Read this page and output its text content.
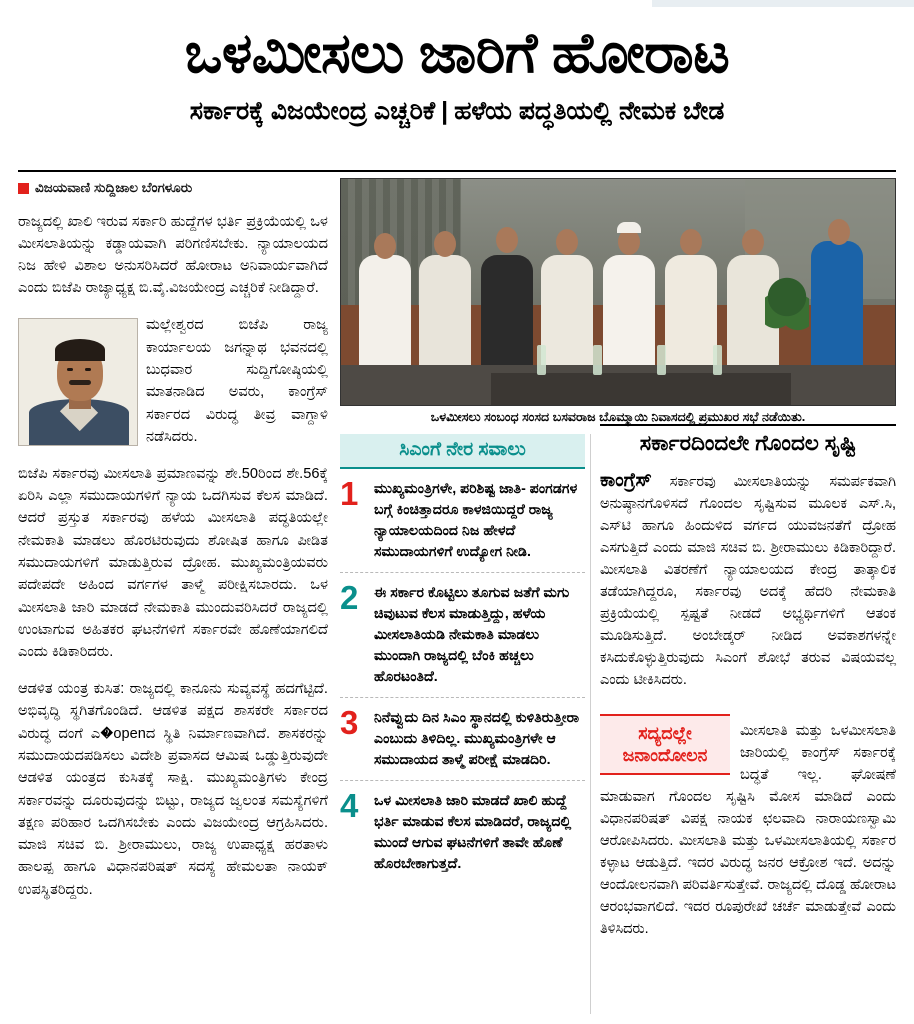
ಒಳಮೀಸಲು ಜಾರಿಗೆ ಹೋರಾಟ
ಸರ್ಕಾರಕ್ಕೆ ವಿಜಯೇಂದ್ರ ಎಚ್ಚರಿಕೆ | ಹಳೆಯ ಪದ್ಧತಿಯಲ್ಲಿ ನೇಮಕ ಬೇಡ
ವಿಜಯವಾಣಿ ಸುದ್ದಿಜಾಲ ಬೆಂಗಳೂರು

ರಾಜ್ಯದಲ್ಲಿ ಖಾಲಿ ಇರುವ ಸರ್ಕಾರಿ ಹುದ್ದೆಗಳ ಭರ್ತಿ ಪ್ರಕ್ರಿಯೆಯಲ್ಲಿ ಒಳ ಮೀಸಲಾತಿಯನ್ನು ಕಡ್ಡಾಯವಾಗಿ ಪರಿಗಣಿಸಬೇಕು. ನ್ಯಾಯಾಲಯದ ನಿಜ ಹೇಳಿ ವಿಶಾಲ ಅನುಸರಿಸಿದರೆ ಹೋರಾಟ ಅನಿವಾರ್ಯವಾಗಿದೆ ಎಂದು ಬಿಜೆಪಿ ರಾಜ್ಯಾಧ್ಯಕ್ಷ ಬಿ.ವೈ.ವಿಜಯೇಂದ್ರ ಎಚ್ಚರಿಕೆ ನೀಡಿದ್ದಾರೆ.

ಮಲ್ಲೇಶ್ವರದ ಬಿಜೆಪಿ ರಾಜ್ಯ ಕಾರ್ಯಾಲಯ ಜಗನ್ನಾಥ ಭವನದಲ್ಲಿ ಬುಧವಾರ ಸುದ್ದಿಗೋಷ್ಠಿಯಲ್ಲಿ ಮಾತನಾಡಿದ ಅವರು, ಕಾಂಗ್ರೆಸ್ ಸರ್ಕಾರದ ವಿರುದ್ಧ ತೀವ್ರ ವಾಗ್ದಾಳಿ ನಡೆಸಿದರು.

ಬಿಜೆಪಿ ಸರ್ಕಾರವು ಮೀಸಲಾತಿ ಪ್ರಮಾಣವನ್ನು ಶೇ.50ರಿಂದ ಶೇ.56ಕ್ಕೆ ಏರಿಸಿ ಎಲ್ಲಾ ಸಮುದಾಯಗಳಿಗೆ ನ್ಯಾಯ ಒದಗಿಸುವ ಕೆಲಸ ಮಾಡಿದೆ. ಆದರೆ ಪ್ರಸ್ತುತ ಸರ್ಕಾರವು ಹಳೆಯ ಮೀಸಲಾತಿ ಪದ್ಧತಿಯಲ್ಲೇ ನೇಮಕಾತಿ ಮಾಡಲು ಹೊರಟಿರುವುದು ಶೋಷಿತ ಹಾಗೂ ಪೀಡಿತ ಸಮುದಾಯಗಳಿಗೆ ಮಾಡುತ್ತಿರುವ ದ್ರೋಹ. ಮುಖ್ಯಮಂತ್ರಿಯವರು ಪದೇಪದೇ ಅಹಿಂದ ವರ್ಗಗಳ ತಾಳ್ಮೆ ಪರೀಕ್ಷಿಸಬಾರದು. ಒಳ ಮೀಸಲಾತಿ ಜಾರಿ ಮಾಡದೆ ನೇಮಕಾತಿ ಮುಂದುವರಿಸಿದರೆ ರಾಜ್ಯದಲ್ಲಿ ಉಂಟಾಗುವ ಅಹಿತಕರ ಘಟನೆಗಳಿಗೆ ಸರ್ಕಾರವೇ ಹೊಣೆಯಾಗಲಿದೆ ಎಂದು ಕಿಡಿಕಾರಿದರು.

ಆಡಳಿತ ಯಂತ್ರ ಕುಸಿತ: ರಾಜ್ಯದಲ್ಲಿ ಕಾನೂನು ಸುವ್ಯವಸ್ಥೆ ಹದಗೆಟ್ಟಿದೆ. ಅಭಿವೃದ್ಧಿ ಸ್ಥಗಿತಗೊಂಡಿದೆ. ಆಡಳಿತ ಪಕ್ಷದ ಶಾಸಕರೇ ಸರ್ಕಾರದ ವಿರುದ್ಧ ದಂಗೆ ಎ�openದ ಸ್ಥಿತಿ ನಿರ್ಮಾಣವಾಗಿದೆ. ಶಾಸಕರನ್ನು ಸಮುದಾಯದಪಡಿಸಲು ವಿದೇಶಿ ಪ್ರವಾಸದ ಆಮಿಷ ಒಡ್ಡುತ್ತಿರುವುದೇ ಆಡಳಿತ ಯಂತ್ರದ ಕುಸಿತಕ್ಕೆ ಸಾಕ್ಷಿ. ಮುಖ್ಯಮಂತ್ರಿಗಳು ಕೇಂದ್ರ ಸರ್ಕಾರವನ್ನು ದೂರುವುದನ್ನು ಬಿಟ್ಟು, ರಾಜ್ಯದ ಜ್ವಲಂತ ಸಮಸ್ಯೆಗಳಿಗೆ ತಕ್ಷಣ ಪರಿಹಾರ ಒದಗಿಸಬೇಕು ಎಂದು ವಿಜಯೇಂದ್ರ ಆಗ್ರಹಿಸಿದರು. ಮಾಜಿ ಸಚಿವ ಬಿ. ಶ್ರೀರಾಮುಲು, ರಾಜ್ಯ ಉಪಾಧ್ಯಕ್ಷ ಹರತಾಳು ಹಾಲಪ್ಪ ಹಾಗೂ ವಿಧಾನಪರಿಷತ್ ಸದಸ್ಯೆ ಹೇಮಲತಾ ನಾಯಕ್ ಉಪಸ್ಥಿತರಿದ್ದರು.

ಒಳಮೀಸಲು ಸಂಬಂಧ ಸಂಸದ ಬಸವರಾಜ ಬೊಮ್ಮಾಯಿ ನಿವಾಸದಲ್ಲಿ ಪ್ರಮುಖರ ಸಭೆ ನಡೆಯಿತು.
ಸಿಎಂಗೆ ನೇರ ಸವಾಲು
1	ಮುಖ್ಯಮಂತ್ರಿಗಳೇ, ಪರಿಶಿಷ್ಟ ಜಾತಿ- ಪಂಗಡಗಳ ಬಗ್ಗೆ ಕಿಂಚಿತ್ತಾದರೂ ಕಾಳಜಿಯಿದ್ದರೆ ರಾಜ್ಯ ನ್ಯಾಯಾಲಯದಿಂದ ನಿಜ ಹೇಳದೆ ಸಮುದಾಯಗಳಿಗೆ ಉದ್ಯೋಗ ನೀಡಿ.
2	ಈ ಸರ್ಕಾರ ಕೊಟ್ಟಿಲು ತೂಗುವ ಜತೆಗೆ ಮಗು ಚಿವುಟುವ ಕೆಲಸ ಮಾಡುತ್ತಿದ್ದು, ಹಳೆಯ ಮೀಸಲಾತಿಯಡಿ ನೇಮಕಾತಿ ಮಾಡಲು ಮುಂದಾಗಿ ರಾಜ್ಯದಲ್ಲಿ ಬೆಂಕಿ ಹಚ್ಚಲು ಹೊರಟಂತಿದೆ.
3	ನಿನೆವ್ವುದು ದಿನ ಸಿಎಂ ಸ್ಥಾನದಲ್ಲಿ ಕುಳಿತಿರುತ್ತೀರಾ ಎಂಬುದು ತಿಳಿದಿಲ್ಲ. ಮುಖ್ಯಮಂತ್ರಿಗಳೇ ಆ ಸಮುದಾಯದ ತಾಳ್ಮೆ ಪರೀಕ್ಷೆ ಮಾಡದಿರಿ.
4	ಒಳ ಮೀಸಲಾತಿ ಜಾರಿ ಮಾಡದೆ ಖಾಲಿ ಹುದ್ದೆ ಭರ್ತಿ ಮಾಡುವ ಕೆಲಸ ಮಾಡಿದರೆ, ರಾಜ್ಯದಲ್ಲಿ ಮುಂದೆ ಆಗುವ ಘಟನೆಗಳಿಗೆ ತಾವೇ ಹೊಣೆ ಹೊರಬೇಕಾಗುತ್ತದೆ.
ಸರ್ಕಾರದಿಂದಲೇ ಗೊಂದಲ ಸೃಷ್ಟಿ

ಕಾಂಗ್ರೆಸ್ ಸರ್ಕಾರವು ಮೀಸಲಾತಿಯನ್ನು ಸಮರ್ಪಕವಾಗಿ ಅನುಷ್ಠಾನಗೊಳಿಸದೆ ಗೊಂದಲ ಸೃಷ್ಟಿಸುವ ಮೂಲಕ ಎಸ್.ಸಿ, ಎಸ್‌ಟಿ ಹಾಗೂ ಹಿಂದುಳಿದ ವರ್ಗದ ಯುವಜನತೆಗೆ ದ್ರೋಹ ಎಸಗುತ್ತಿದೆ ಎಂದು ಮಾಜಿ ಸಚಿವ ಬಿ. ಶ್ರೀರಾಮುಲು ಕಿಡಿಕಾರಿದ್ದಾರೆ. ಮೀಸಲಾತಿ ವಿತರಣೆಗೆ ನ್ಯಾಯಾಲಯದ ಕೇಂದ್ರ ತಾತ್ಕಾಲಿಕ ತಡೆಯಾಗಿದ್ದರೂ, ಸರ್ಕಾರವು ಅದಕ್ಕೆ ಹೆದರಿ ನೇಮಕಾತಿ ಪ್ರಕ್ರಿಯೆಯಲ್ಲಿ ಸ್ಪಷ್ಟತೆ ನೀಡದೆ ಅಭ್ಯರ್ಥಿಗಳಿಗೆ ಆತಂಕ ಮೂಡಿಸುತ್ತಿದೆ. ಅಂಬೇಡ್ಕರ್ ನೀಡಿದ ಅವಕಾಶಗಳನ್ನೇ ಕಸಿದುಕೊಳ್ಳುತ್ತಿರುವುದು ಸಿಎಂಗೆ ಶೋಭೆ ತರುವ ವಿಷಯವಲ್ಲ ಎಂದು ಟೀಕಿಸಿದರು.

ಸದ್ಯದಲ್ಲೇ ಜನಾಂದೋಲನ

ಮೀಸಲಾತಿ ಮತ್ತು ಒಳಮೀಸಲಾತಿ ಜಾರಿಯಲ್ಲಿ ಕಾಂಗ್ರೆಸ್ ಸರ್ಕಾರಕ್ಕೆ ಬದ್ಧತೆ ಇಲ್ಲ. ಘೋಷಣೆ ಮಾಡುವಾಗ ಗೊಂದಲ ಸೃಷ್ಟಿಸಿ ಮೋಸ ಮಾಡಿದೆ ಎಂದು ವಿಧಾನಪರಿಷತ್ ವಿಪಕ್ಷ ನಾಯಕ ಛಲವಾದಿ ನಾರಾಯಣಸ್ವಾಮಿ ಆರೋಪಿಸಿದರು. ಮೀಸಲಾತಿ ಮತ್ತು ಒಳಮೀಸಲಾತಿಯಲ್ಲಿ ಸರ್ಕಾರ ಕಳ್ಳಾಟ ಆಡುತ್ತಿದೆ. ಇದರ ವಿರುದ್ಧ ಜನರ ಆಕ್ರೋಶ ಇದೆ. ಅದನ್ನು ಆಂದೋಲನವಾಗಿ ಪರಿವರ್ತಿಸುತ್ತೇವೆ. ರಾಜ್ಯದಲ್ಲಿ ದೊಡ್ಡ ಹೋರಾಟ ಆರಂಭವಾಗಲಿದೆ. ಇದರ ರೂಪುರೇಖೆ ಚರ್ಚೆ ಮಾಡುತ್ತೇವೆ ಎಂದು ತಿಳಿಸಿದರು.
